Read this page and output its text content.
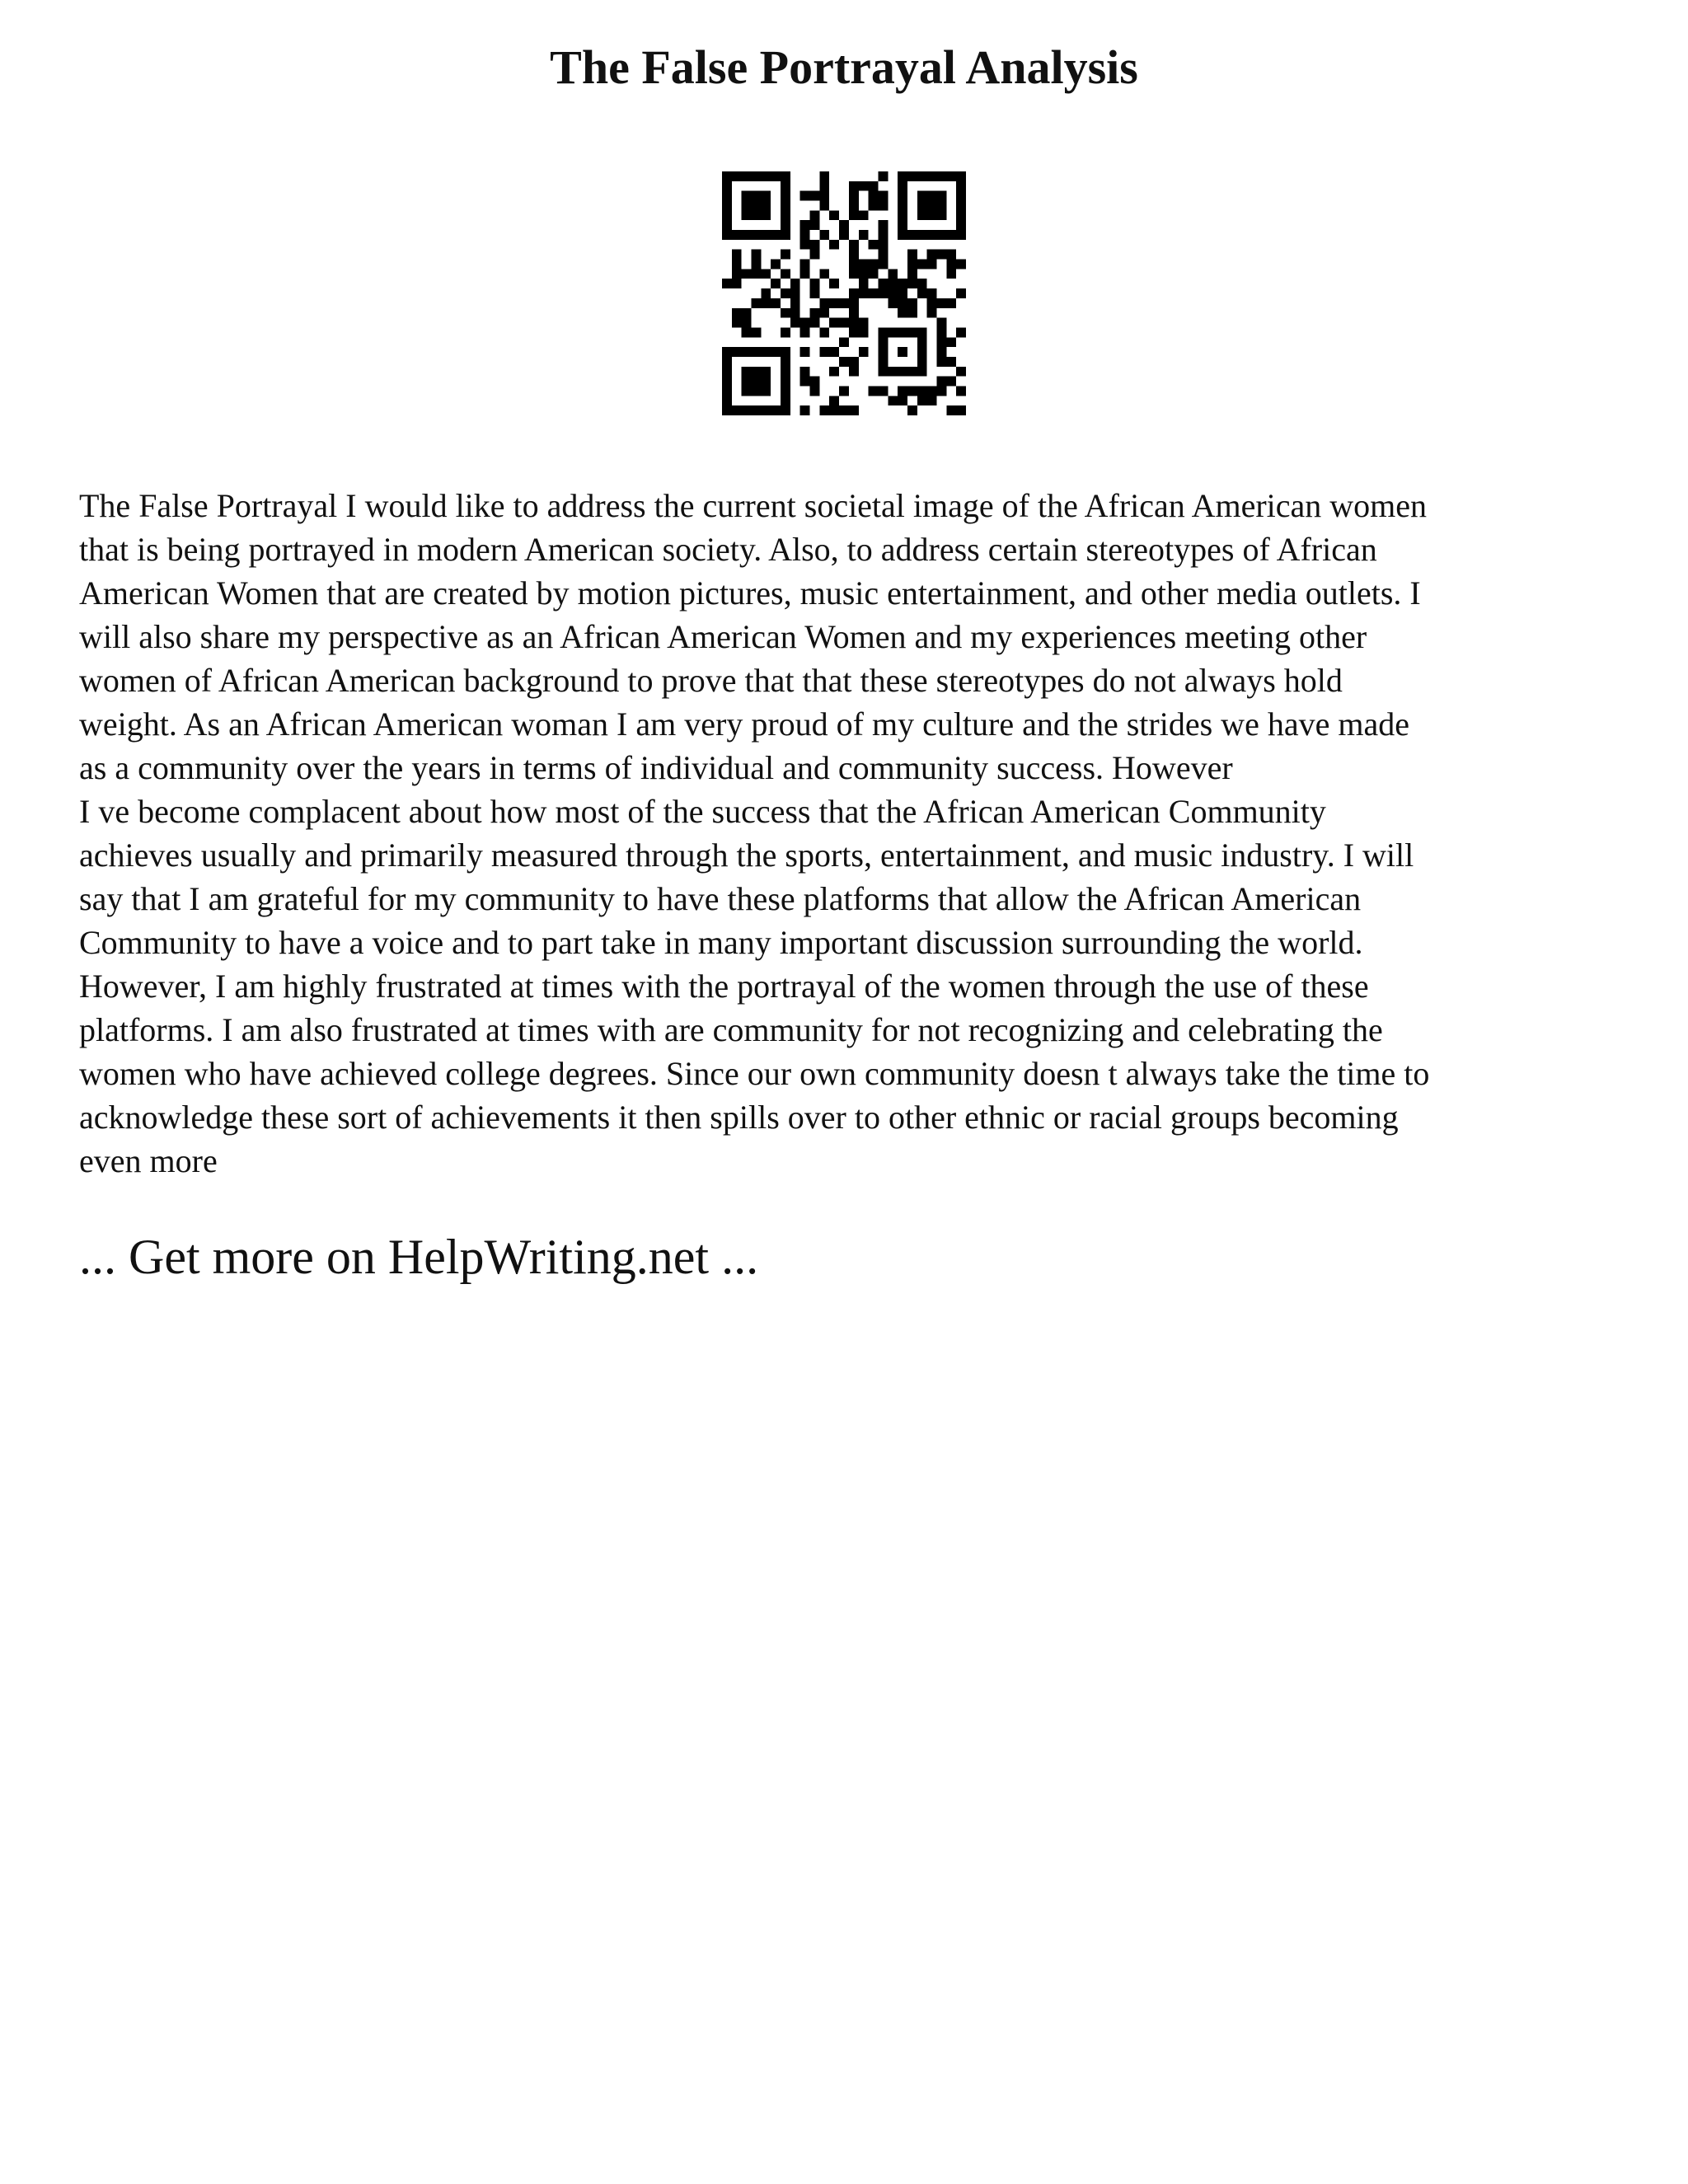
The False Portrayal Analysis

The False Portrayal I would like to address the current societal image of the African American women
that is being portrayed in modern American society. Also, to address certain stereotypes of African
American Women that are created by motion pictures, music entertainment, and other media outlets. I
will also share my perspective as an African American Women and my experiences meeting other
women of African American background to prove that that these stereotypes do not always hold
weight. As an African American woman I am very proud of my culture and the strides we have made
as a community over the years in terms of individual and community success. However
I ve become complacent about how most of the success that the African American Community
achieves usually and primarily measured through the sports, entertainment, and music industry. I will
say that I am grateful for my community to have these platforms that allow the African American
Community to have a voice and to part take in many important discussion surrounding the world.
However, I am highly frustrated at times with the portrayal of the women through the use of these
platforms. I am also frustrated at times with are community for not recognizing and celebrating the
women who have achieved college degrees. Since our own community doesn t always take the time to
acknowledge these sort of achievements it then spills over to other ethnic or racial groups becoming
even more

... Get more on HelpWriting.net ...
